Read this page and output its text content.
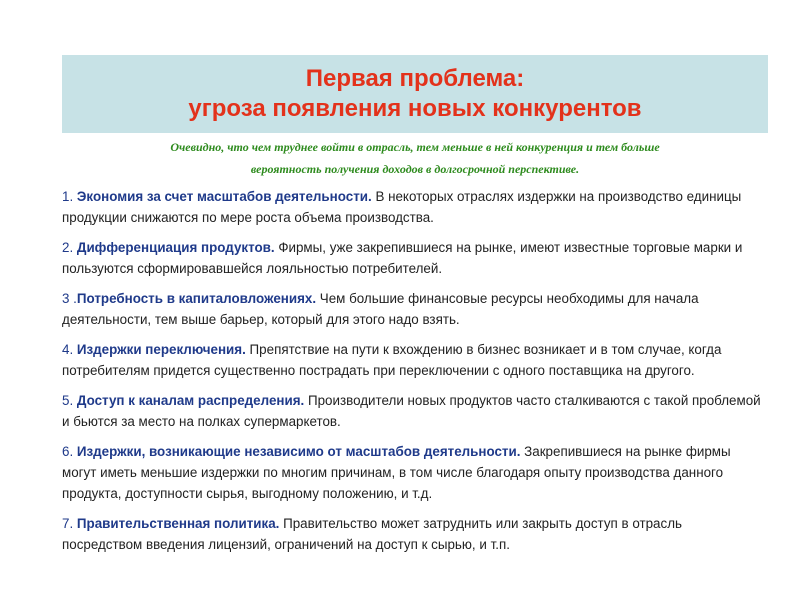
Первая проблема:
угроза появления новых конкурентов
Очевидно, что чем труднее войти в отрасль, тем меньше в ней конкуренция и тем больше
вероятность получения доходов в долгосрочной перспективе.
1. Экономия за счет масштабов деятельности. В некоторых отраслях издержки на производство единицы продукции снижаются по мере роста объема производства.
2. Дифференциация продуктов. Фирмы, уже закрепившиеся на рынке, имеют известные торговые марки и пользуются сформировавшейся лояльностью потребителей.
3 .Потребность в капиталовложениях. Чем большие финансовые ресурсы необходимы для начала деятельности, тем выше барьер, который для этого надо взять.
4. Издержки переключения. Препятствие на пути к вхождению в бизнес возникает и в том случае, когда потребителям придется существенно пострадать при переключении с одного поставщика на другого.
5. Доступ к каналам распределения. Производители новых продуктов часто сталкиваются с такой проблемой и бьются за место на полках супермаркетов.
6. Издержки, возникающие независимо от масштабов деятельности. Закрепившиеся на рынке фирмы могут иметь меньшие издержки по многим причинам, в том числе благодаря опыту производства данного продукта, доступности сырья, выгодному положению, и т.д.
7. Правительственная политика. Правительство может затруднить или закрыть доступ в отрасль посредством введения лицензий, ограничений на доступ к сырью, и т.п.
